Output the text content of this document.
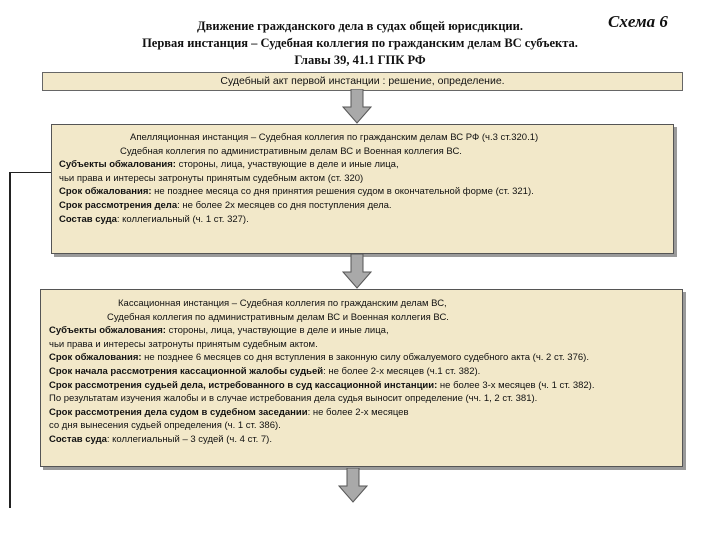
Движение гражданского дела в судах общей юрисдикции.
Первая инстанция – Судебная коллегия по гражданским делам ВС субъекта.
Главы 39, 41.1 ГПК РФ
Схема 6
Судебный акт первой инстанции : решение, определение.
Апелляционная инстанция – Судебная коллегия по гражданским делам ВС РФ (ч.3 ст.320.1)
Судебная коллегия по административным делам ВС и Военная коллегия ВС.
Субъекты обжалования: стороны, лица, участвующие в деле и иные лица,
чьи права и интересы затронуты принятым судебным актом (ст. 320)
Срок обжалования: не позднее месяца со дня принятия решения судом в окончательной форме (ст. 321).
Срок рассмотрения дела: не более 2х месяцев со дня поступления дела.
Состав суда: коллегиальный (ч. 1 ст. 327).
Кассационная инстанция – Судебная коллегия по гражданским делам ВС,
Судебная коллегия по административным делам ВС и Военная коллегия ВС.
Субъекты обжалования: стороны, лица, участвующие в деле и иные лица,
чьи права и интересы затронуты принятым судебным актом.
Срок обжалования: не позднее 6 месяцев со дня вступления в законную силу обжалуемого судебного акта (ч. 2 ст. 376).
Срок начала рассмотрения кассационной жалобы судьей: не более 2-х месяцев (ч.1 ст. 382).
Срок рассмотрения судьей дела, истребованного в суд кассационной инстанции: не более 3-х месяцев (ч. 1 ст. 382).
По результатам изучения жалобы и в случае истребования дела судья выносит определение (чч. 1, 2 ст. 381).
Срок рассмотрения дела судом в судебном заседании: не более 2-х месяцев
со дня вынесения судьей определения (ч. 1 ст. 386).
Состав суда: коллегиальный – 3 судей (ч. 4 ст. 7).
